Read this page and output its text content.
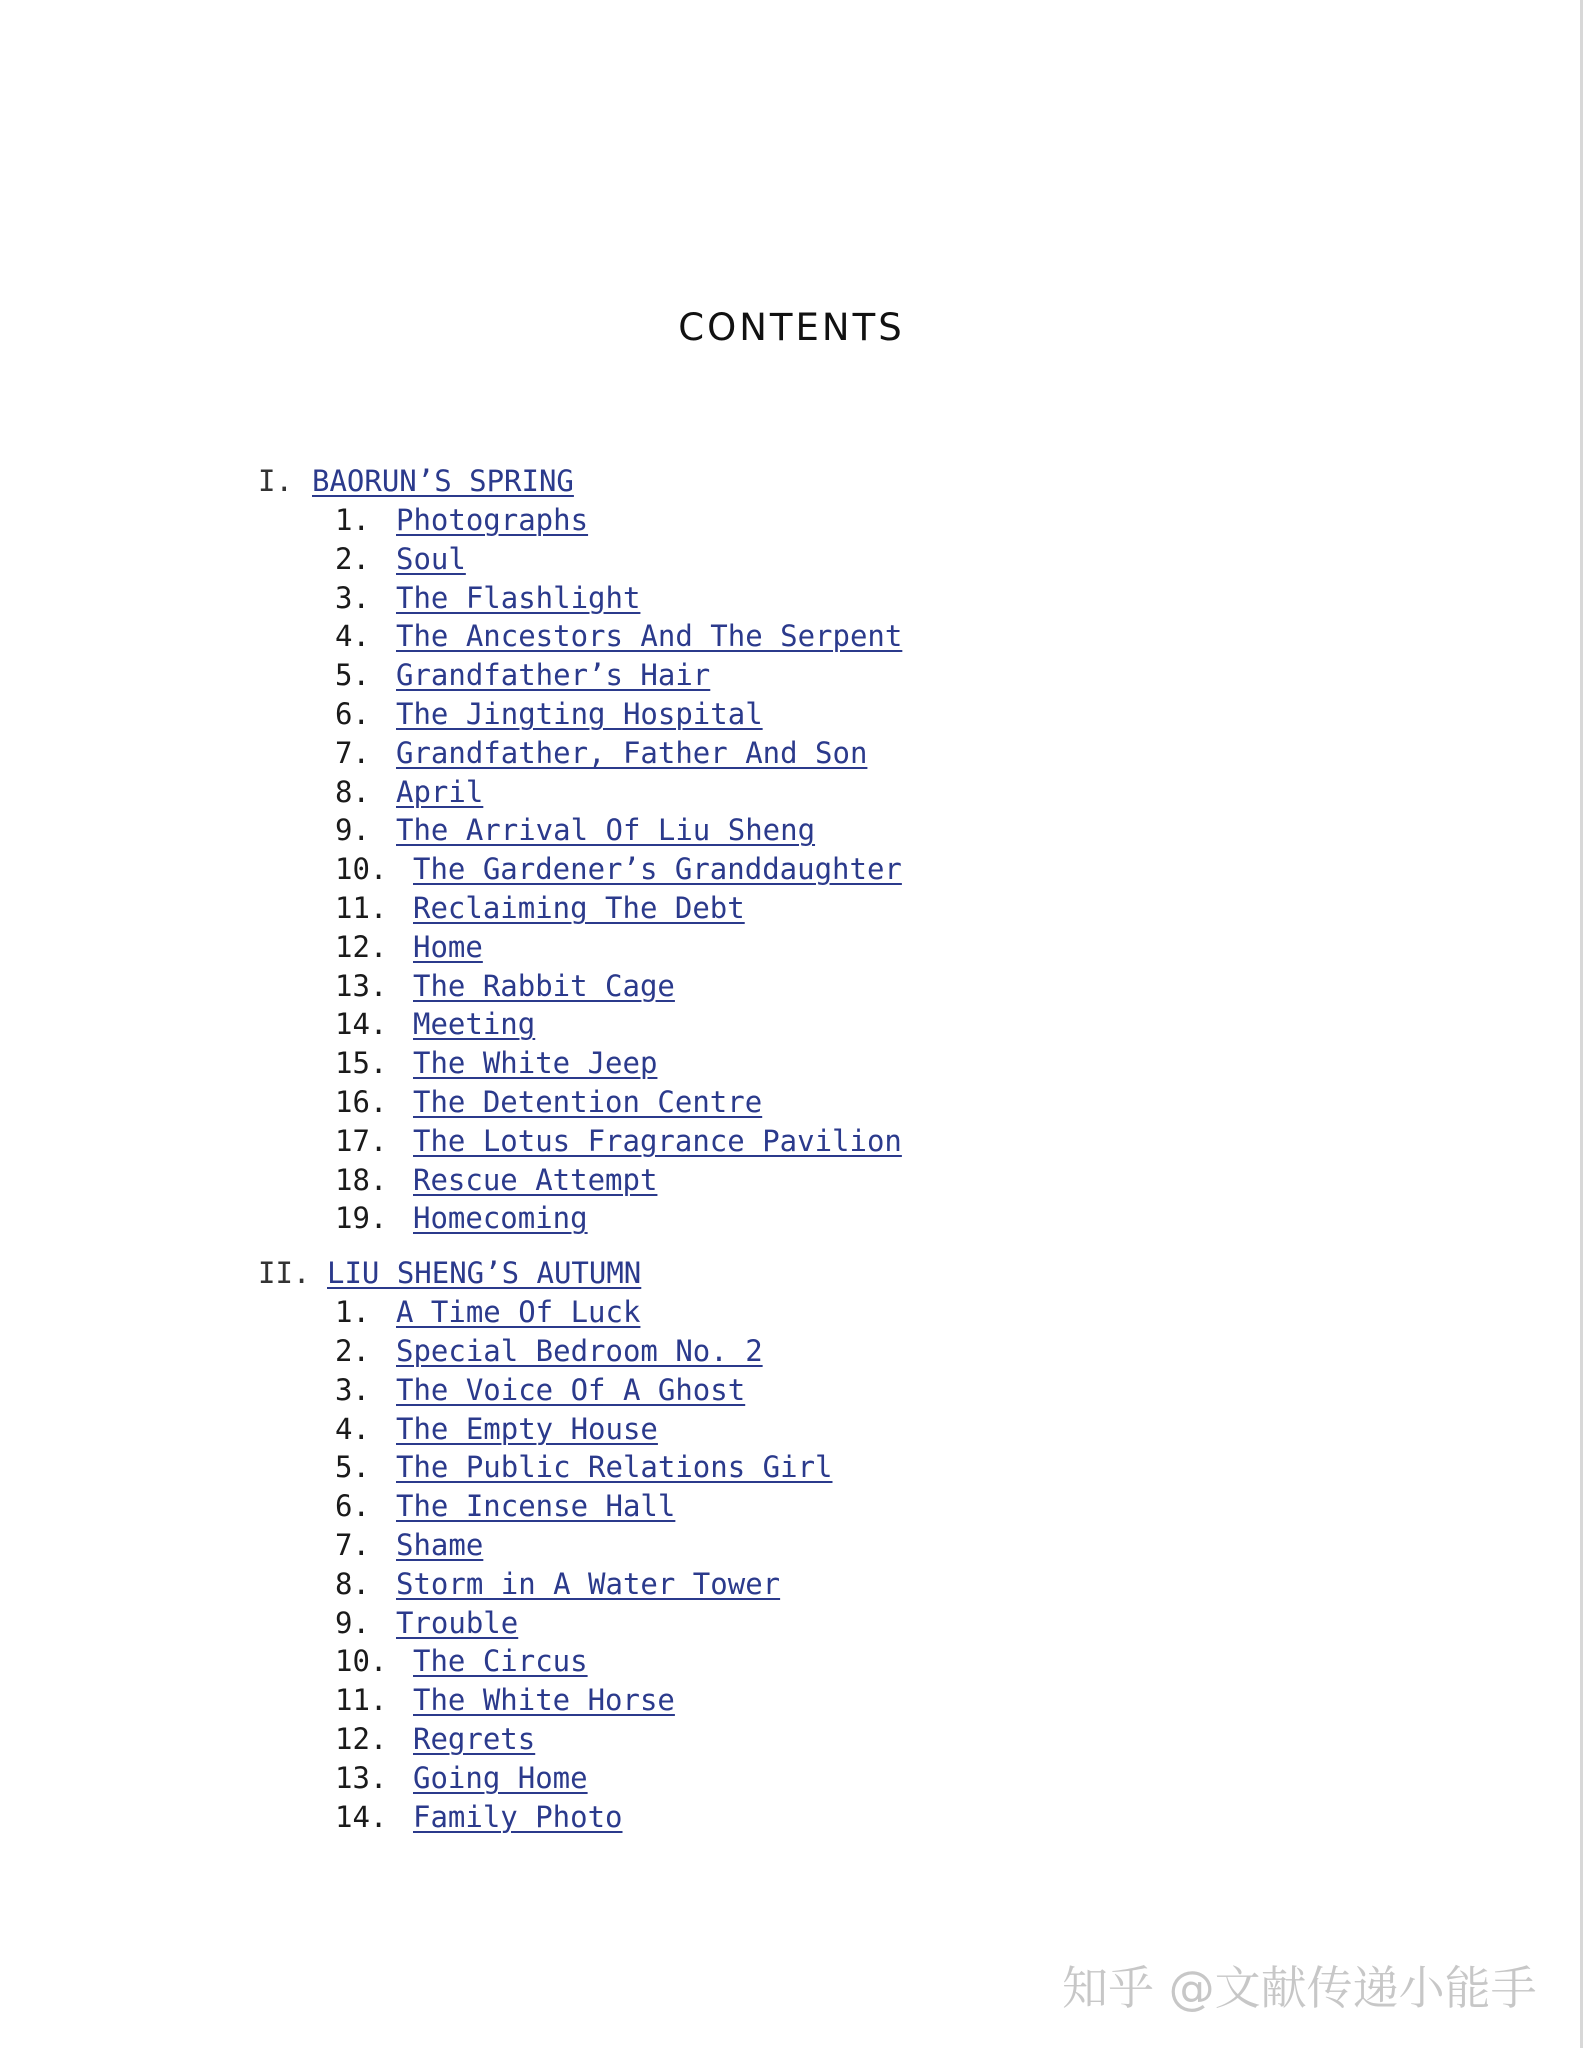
CONTENTS
I. BAORUN’S SPRING
1. Photographs
2. Soul
3. The Flashlight
4. The Ancestors And The Serpent
5. Grandfather’s Hair
6. The Jingting Hospital
7. Grandfather, Father And Son
8. April
9. The Arrival Of Liu Sheng
10. The Gardener’s Granddaughter
11. Reclaiming The Debt
12. Home
13. The Rabbit Cage
14. Meeting
15. The White Jeep
16. The Detention Centre
17. The Lotus Fragrance Pavilion
18. Rescue Attempt
19. Homecoming
II. LIU SHENG’S AUTUMN
1. A Time Of Luck
2. Special Bedroom No. 2
3. The Voice Of A Ghost
4. The Empty House
5. The Public Relations Girl
6. The Incense Hall
7. Shame
8. Storm in A Water Tower
9. Trouble
10. The Circus
11. The White Horse
12. Regrets
13. Going Home
14. Family Photo
知乎 @文献传递小能手
